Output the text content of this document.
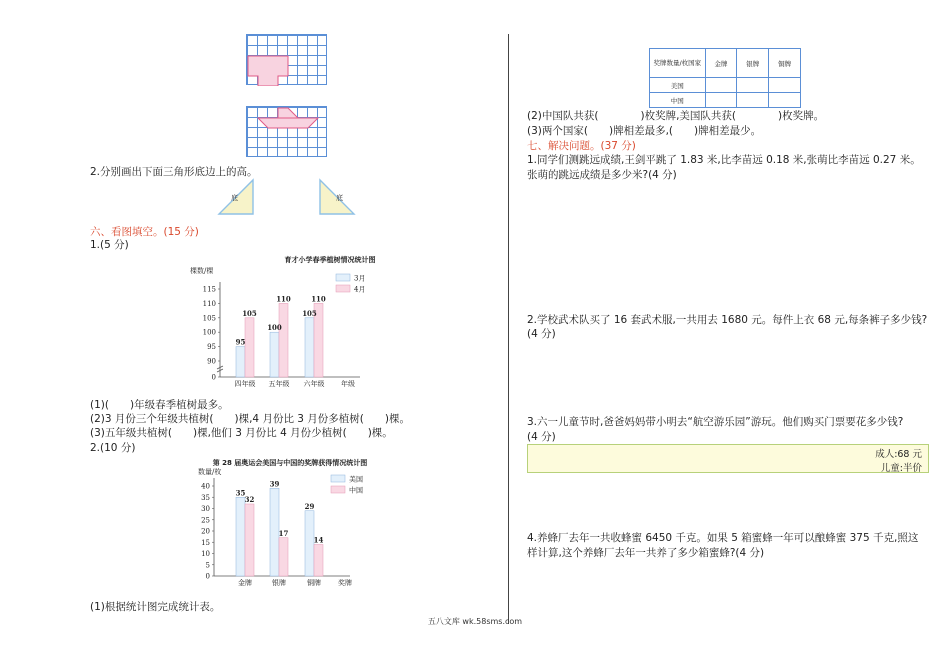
2.分别画出下面三角形底边上的高。
底	底
六、看图填空。(15 分)
1.(5 分)
育才小学春季植树情况统计图
棵数/棵
115
110
105
100
95
90
0
95
105
四年级
100
110
五年级
105
110
六年级 年级
3月
4月
(1)(　　)年级春季植树最多。
(2)3 月份三个年级共植树(　　)棵,4 月份比 3 月份多植树(　　)棵。
(3)五年级共植树(　　)棵,他们 3 月份比 4 月份少植树(　　)棵。
2.(10 分)
第 28 届奥运会美国与中国的奖牌获得情况统计图
数量/枚
40
35
30
25
20
15
10
5
0
35
32
金牌
39
17
银牌
29
14
铜牌 奖牌
美国
中国
(1)根据统计图完成统计表。
奖牌数量/枚国家	金牌	银牌	铜牌
美国			
中国			
(2)中国队共获(　　　　)枚奖牌,美国队共获(　　　　)枚奖牌。
(3)两个国家(　　)牌相差最多,(　　)牌相差最少。
七、解决问题。(37 分)
1.同学们测跳远成绩,王剑平跳了 1.83 米,比李苗远 0.18 米,张萌比李苗远 0.27 米。
张萌的跳远成绩是多少米?(4 分)
2.学校武术队买了 16 套武术服,一共用去 1680 元。每件上衣 68 元,每条裤子多少钱?
(4 分)
3.六一儿童节时,爸爸妈妈带小明去“航空游乐园”游玩。他们购买门票要花多少钱?
(4 分)
成人:68 元
儿童:半价
4.养蜂厂去年一共收蜂蜜 6450 千克。如果 5 箱蜜蜂一年可以酿蜂蜜 375 千克,照这
样计算,这个养蜂厂去年一共养了多少箱蜜蜂?(4 分)
五八文库 wk.58sms.com
